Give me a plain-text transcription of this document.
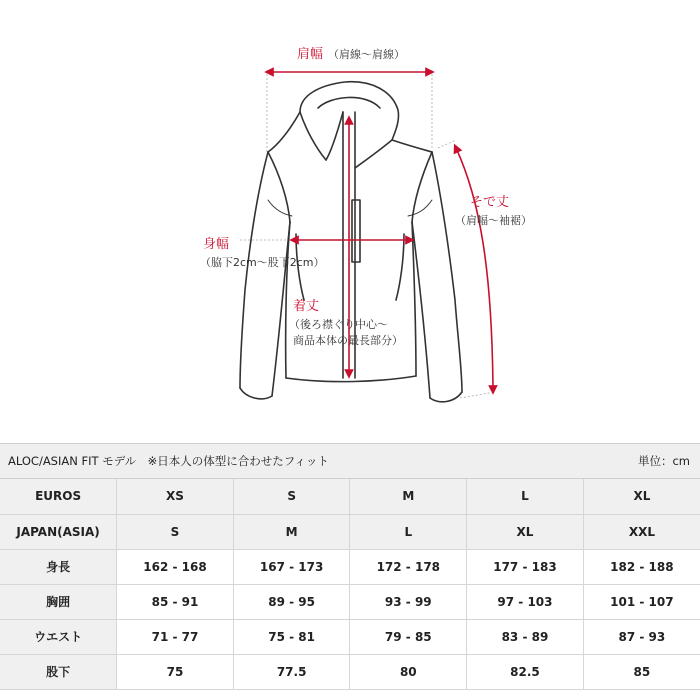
肩幅 （肩線～肩線）
そで丈
（肩幅～袖裾）
身幅
（脇下2cm～股下2cm）
着丈
（後ろ襟ぐり中心～
商品本体の最長部分）
ALOC/ASIAN FIT モデル　※日本人の体型に合わせたフィット	単位：cm
EUROS	XS	S	M	L	XL
JAPAN(ASIA)	S	M	L	XL	XXL
身長	162 - 168	167 - 173	172 - 178	177 - 183	182 - 188
胸囲	85 - 91	89 - 95	93 - 99	97 - 103	101 - 107
ウエスト	71 - 77	75 - 81	79 - 85	83 - 89	87 - 93
股下	75	77.5	80	82.5	85
